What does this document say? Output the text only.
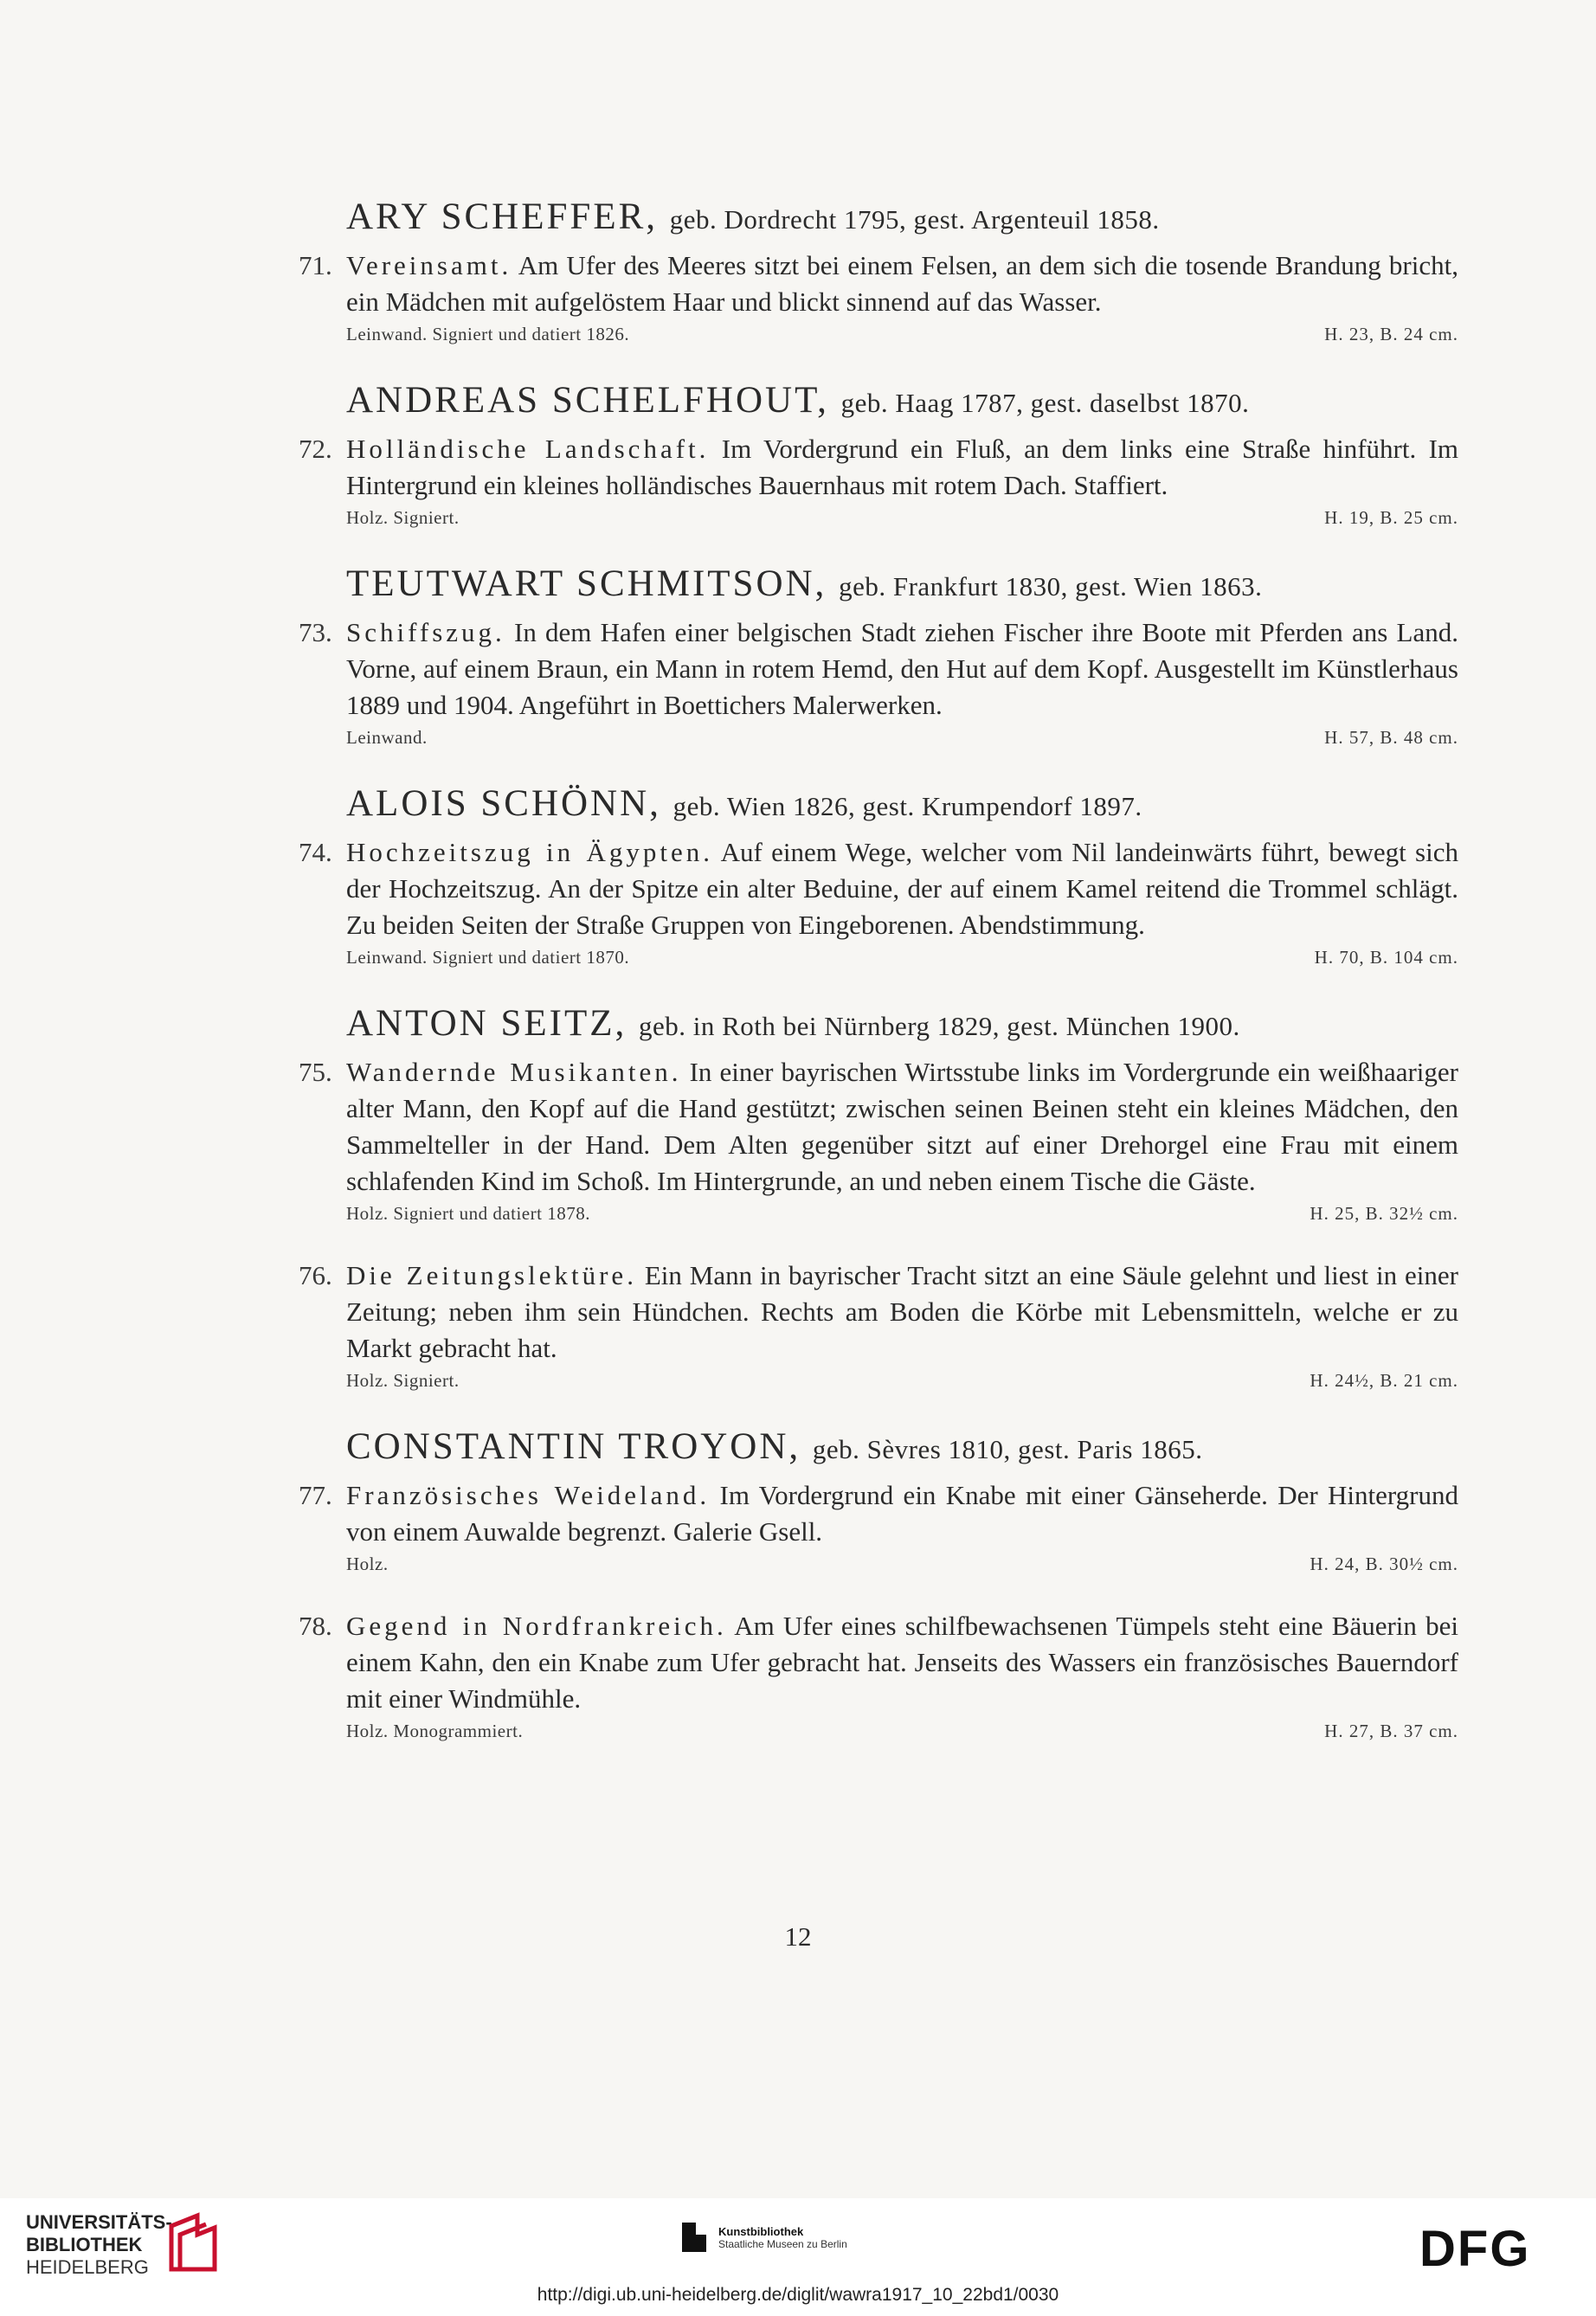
ARY SCHEFFER, geb. Dordrecht 1795, gest. Argenteuil 1858.
71. Vereinsamt. Am Ufer des Meeres sitzt bei einem Felsen, an dem sich die tosende Brandung bricht, ein Mädchen mit aufgelöstem Haar und blickt sinnend auf das Wasser.

Leinwand. Signiert und datiert 1826.	H. 23, B. 24 cm.
ANDREAS SCHELFHOUT, geb. Haag 1787, gest. daselbst 1870.
72. Holländische Landschaft. Im Vordergrund ein Fluß, an dem links eine Straße hinführt. Im Hintergrund ein kleines holländisches Bauernhaus mit rotem Dach. Staffiert.

Holz. Signiert.	H. 19, B. 25 cm.
TEUTWART SCHMITSON, geb. Frankfurt 1830, gest. Wien 1863.
73. Schiffszug. In dem Hafen einer belgischen Stadt ziehen Fischer ihre Boote mit Pferden ans Land. Vorne, auf einem Braun, ein Mann in rotem Hemd, den Hut auf dem Kopf. Ausgestellt im Künstlerhaus 1889 und 1904. Angeführt in Boettichers Malerwerken.

Leinwand.	H. 57, B. 48 cm.
ALOIS SCHÖNN, geb. Wien 1826, gest. Krumpendorf 1897.
74. Hochzeitszug in Ägypten. Auf einem Wege, welcher vom Nil landeinwärts führt, bewegt sich der Hochzeitszug. An der Spitze ein alter Beduine, der auf einem Kamel reitend die Trommel schlägt. Zu beiden Seiten der Straße Gruppen von Eingeborenen. Abendstimmung.

Leinwand. Signiert und datiert 1870.	H. 70, B. 104 cm.
ANTON SEITZ, geb. in Roth bei Nürnberg 1829, gest. München 1900.
75. Wandernde Musikanten. In einer bayrischen Wirtsstube links im Vordergrunde ein weißhaariger alter Mann, den Kopf auf die Hand gestützt; zwischen seinen Beinen steht ein kleines Mädchen, den Sammelteller in der Hand. Dem Alten gegenüber sitzt auf einer Drehorgel eine Frau mit einem schlafenden Kind im Schoß. Im Hintergrunde, an und neben einem Tische die Gäste.

Holz. Signiert und datiert 1878.	H. 25, B. 32½ cm.
76. Die Zeitungslektüre. Ein Mann in bayrischer Tracht sitzt an eine Säule gelehnt und liest in einer Zeitung; neben ihm sein Hündchen. Rechts am Boden die Körbe mit Lebensmitteln, welche er zu Markt gebracht hat.

Holz. Signiert.	H. 24½, B. 21 cm.
CONSTANTIN TROYON, geb. Sèvres 1810, gest. Paris 1865.
77. Französisches Weideland. Im Vordergrund ein Knabe mit einer Gänseherde. Der Hintergrund von einem Auwalde begrenzt. Galerie Gsell.

Holz.	H. 24, B. 30½ cm.
78. Gegend in Nordfrankreich. Am Ufer eines schilfbewachsenen Tümpels steht eine Bäuerin bei einem Kahn, den ein Knabe zum Ufer gebracht hat. Jenseits des Wassers ein französisches Bauerndorf mit einer Windmühle.

Holz. Monogrammiert.	H. 27, B. 37 cm.
12
UNIVERSITÄTS-
BIBLIOTHEK
HEIDELBERG
Kunstbibliothek
Staatliche Museen zu Berlin	DFG
http://digi.ub.uni-heidelberg.de/diglit/wawra1917_10_22bd1/0030
